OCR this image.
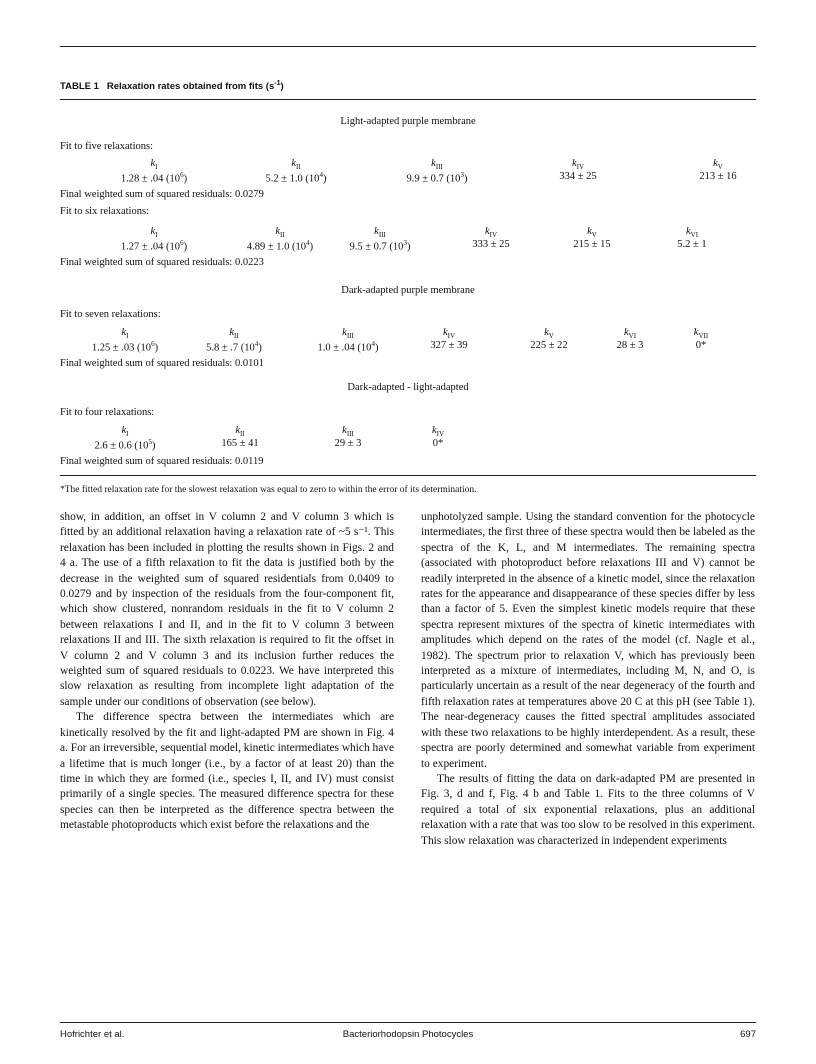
TABLE 1 Relaxation rates obtained from fits $(s^{-1})$
Light-adapted purple membrane
Fit to five relaxations:
$k_I$
1.28 ± .04 $(10^6)$
$k_{II}$
5.2 ± 1.0 $(10^4)$
$k_{III}$
9.9 ± 0.7 $(10^3)$
$k_{IV}$
334 ± 25
$k_V$
213 ± 16
Final weighted sum of squared residuals: 0.0279
Fit to six relaxations:
$k_I$
1.27 ± .04 $(10^6)$
$k_{II}$
4.89 ± 1.0 $(10^4)$
$k_{III}$
9.5 ± 0.7 $(10^3)$
$k_{IV}$
333 ± 25
$k_V$
215 ± 15
$k_{VI}$
5.2 ± 1
Final weighted sum of squared residuals: 0.0223
Dark-adapted purple membrane
Fit to seven relaxations:
$k_I$
1.25 ± .03 $(10^6)$
$k_{II}$
5.8 ± .7 $(10^4)$
$k_{III}$
1.0 ± .04 $(10^4)$
$k_{IV}$
327 ± 39
$k_V$
225 ± 22
$k_{VI}$
28 ± 3
$k_{VII}$
0*
Final weighted sum of squared residuals: 0.0101
Dark-adapted - light-adapted
Fit to four relaxations:
$k_I$
2.6 ± 0.6 $(10^5)$
$k_{II}$
165 ± 41
$k_{III}$
29 ± 3
$k_{IV}$
0*
Final weighted sum of squared residuals: 0.0119
*The fitted relaxation rate for the slowest relaxation was equal to zero to within the error of its determination.

show, in addition, an offset in V column 2 and V column 3 which is fitted by an additional relaxation having a relaxation rate of ~5 s⁻¹. This relaxation has been included in plotting the results shown in Figs. 2 and 4 a. The use of a fifth relaxation to fit the data is justified both by the decrease in the weighted sum of squared residentials from 0.0409 to 0.0279 and by inspection of the residuals from the four-component fit, which show clustered, nonrandom residuals in the fit to V column 2 between relaxations I and II, and in the fit to V column 3 between relaxations II and III. The sixth relaxation is required to fit the offset in V column 2 and V column 3 and its inclusion further reduces the weighted sum of squared residuals to 0.0223. We have interpreted this slow relaxation as resulting from incomplete light adaptation of the sample under our conditions of observation (see below).

The difference spectra between the intermediates which are kinetically resolved by the fit and light-adapted PM are shown in Fig. 4 a. For an irreversible, sequential model, kinetic intermediates which have a lifetime that is much longer (i.e., by a factor of at least 20) than the time in which they are formed (i.e., species I, II, and IV) must consist primarily of a single species. The measured difference spectra for these species can then be interpreted as the difference spectra between the metastable photoproducts which exist before the relaxations and the

unphotolyzed sample. Using the standard convention for the photocycle intermediates, the first three of these spectra would then be labeled as the spectra of the K, L, and M intermediates. The remaining spectra (associated with photoproduct before relaxations III and V) cannot be readily interpreted in the absence of a kinetic model, since the relaxation rates for the appearance and disappearance of these species differ by less than a factor of 5. Even the simplest kinetic models require that these spectra represent mixtures of the spectra of kinetic intermediates with amplitudes which depend on the rates of the model (cf. Nagle et al., 1982). The spectrum prior to relaxation V, which has previously been interpreted as a mixture of intermediates, including M, N, and O, is particularly uncertain as a result of the near degeneracy of the fourth and fifth relaxation rates at temperatures above 20 C at this pH (see Table 1). The near-degeneracy causes the fitted spectral amplitudes associated with these two relaxations to be highly interdependent. As a result, these spectra are poorly determined and somewhat variable from experiment to experiment.

The results of fitting the data on dark-adapted PM are presented in Fig. 3, d and f, Fig. 4 b and Table 1. Fits to the three columns of V required a total of six exponential relaxations, plus an additional relaxation with a rate that was too slow to be resolved in this experiment. This slow relaxation was characterized in independent experiments

Hofrichter et al.	Bacteriorhodopsin Photocycles	697
